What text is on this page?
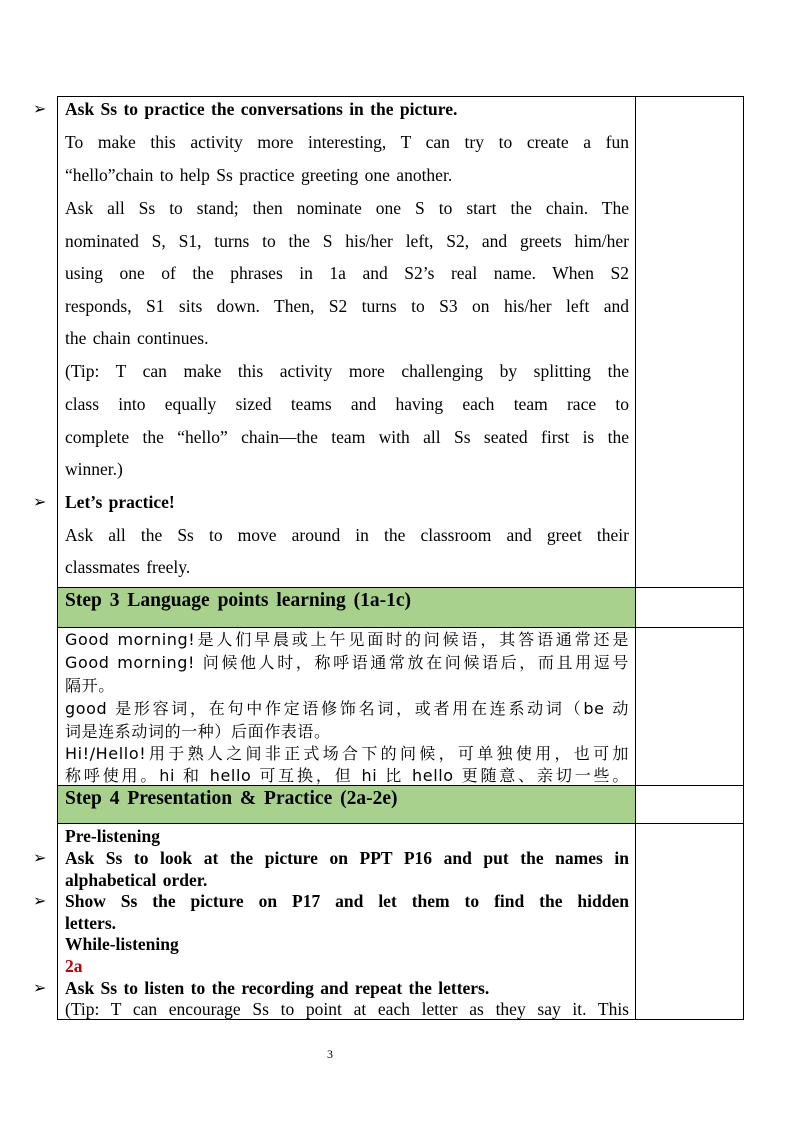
➢
➢
➢
➢
➢
Ask Ss to practice the conversations in the picture.
To make this activity more interesting, T can try to create a fun
“hello”chain to help Ss practice greeting one another.
Ask all Ss to stand; then nominate one S to start the chain. The
nominated S, S1, turns to the S his/her left, S2, and greets him/her
using one of the phrases in 1a and S2’s real name. When S2
responds, S1 sits down. Then, S2 turns to S3 on his/her left and
the chain continues.
(Tip: T can make this activity more challenging by splitting the
class into equally sized teams and having each team race to
complete the “hello” chain—the team with all Ss seated first is the
winner.)
Let’s practice!
Ask all the Ss to move around in the classroom and greet their
classmates freely.
Step 3 Language points learning (1a-1c)
Good morning!是人们早晨或上午见面时的问候语，其答语通常还是
Good morning! 问候他人时，称呼语通常放在问候语后，而且用逗号
隔开。
good 是形容词，在句中作定语修饰名词，或者用在连系动词（be 动
词是连系动词的一种）后面作表语。
Hi!/Hello!用于熟人之间非正式场合下的问候，可单独使用，也可加
称呼使用。hi 和 hello 可互换，但 hi 比 hello 更随意、亲切一些。
Step 4 Presentation & Practice (2a-2e)
Pre-listening
Ask Ss to look at the picture on PPT P16 and put the names in
alphabetical order.
Show Ss the picture on P17 and let them to find the hidden
letters.
While-listening
2a
Ask Ss to listen to the recording and repeat the letters.
(Tip: T can encourage Ss to point at each letter as they say it. This
3
